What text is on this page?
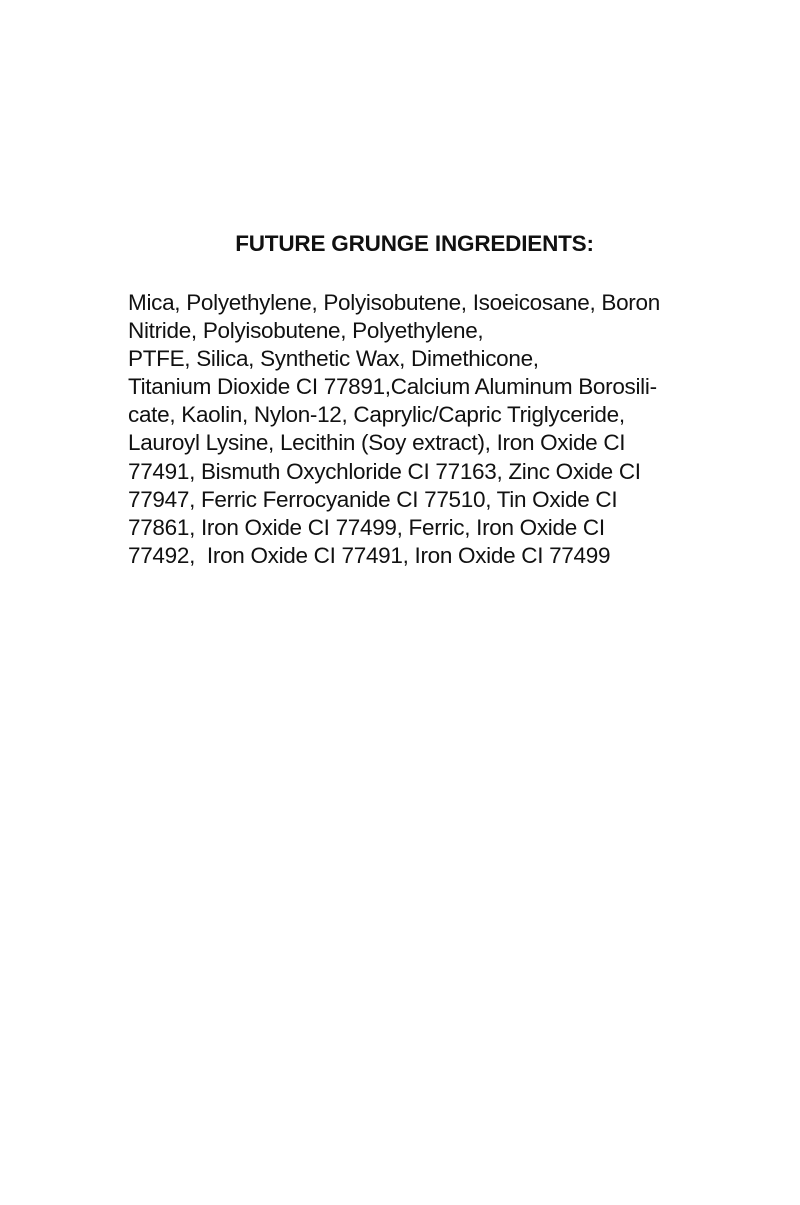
FUTURE GRUNGE INGREDIENTS:

Mica, Polyethylene, Polyisobutene, Isoeicosane, Boron
Nitride, Polyisobutene, Polyethylene,
PTFE, Silica, Synthetic Wax, Dimethicone,
Titanium Dioxide CI 77891,Calcium Aluminum Borosili-
cate, Kaolin, Nylon-12, Caprylic/Capric Triglyceride,
Lauroyl Lysine, Lecithin (Soy extract), Iron Oxide CI
77491, Bismuth Oxychloride CI 77163, Zinc Oxide CI
77947, Ferric Ferrocyanide CI 77510, Tin Oxide CI
77861, Iron Oxide CI 77499, Ferric, Iron Oxide CI
77492,  Iron Oxide CI 77491, Iron Oxide CI 77499
